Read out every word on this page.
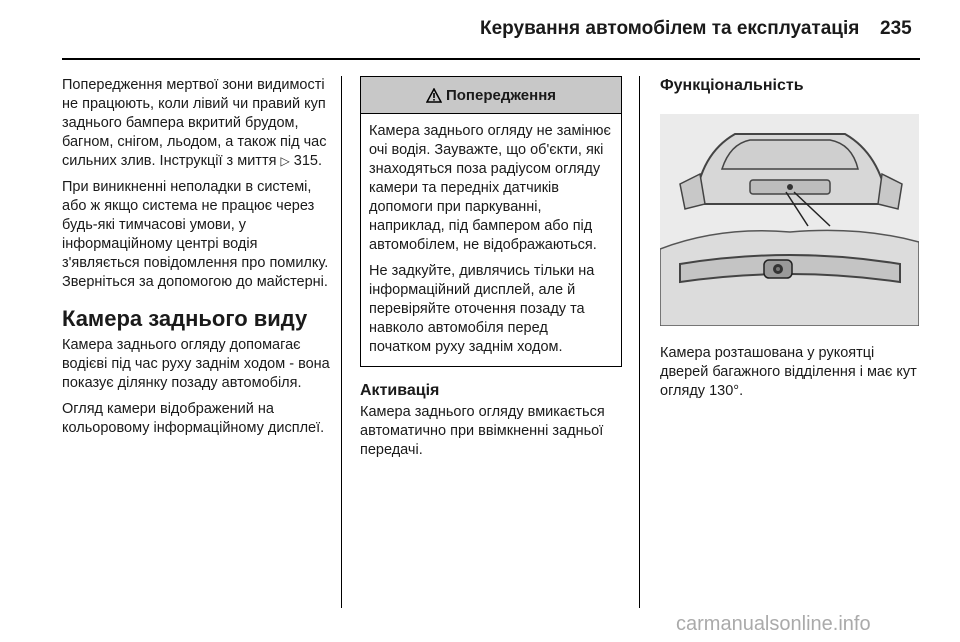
Керування автомобілем та експлуатація 235

Попередження мертвої зони видимості не працюють, коли лівий чи правий куп заднього бампера вкритий брудом, багном, снігом, льодом, а також під час сильних злив. Інструкції з миття ▷ 315.

При виникненні неполадки в системі, або ж якщо система не працює через будь-які тимчасові умови, у інформаційному центрі водія з'являється повідомлення про помилку. Зверніться за допомогою до майстерні.

Камера заднього виду

Камера заднього огляду допомагає водієві під час руху заднім ходом - вона показує ділянку позаду автомобіля.

Огляд камери відображений на кольоровому інформаційному дисплеї.

Попередження

Камера заднього огляду не замінює очі водія. Зауважте, що об'єкти, які знаходяться поза радіусом огляду камери та передніх датчиків допомоги при паркуванні, наприклад, під бампером або під автомобілем, не відображаються.

Не задкуйте, дивлячись тільки на інформаційний дисплей, але й перевіряйте оточення позаду та навколо автомобіля перед початком руху заднім ходом.

Активація

Камера заднього огляду вмикається автоматично при ввімкненні задньої передачі.

Функціональність

Камера розташована у рукоятці дверей багажного відділення і має кут огляду 130°.

carmanualsonline.info
